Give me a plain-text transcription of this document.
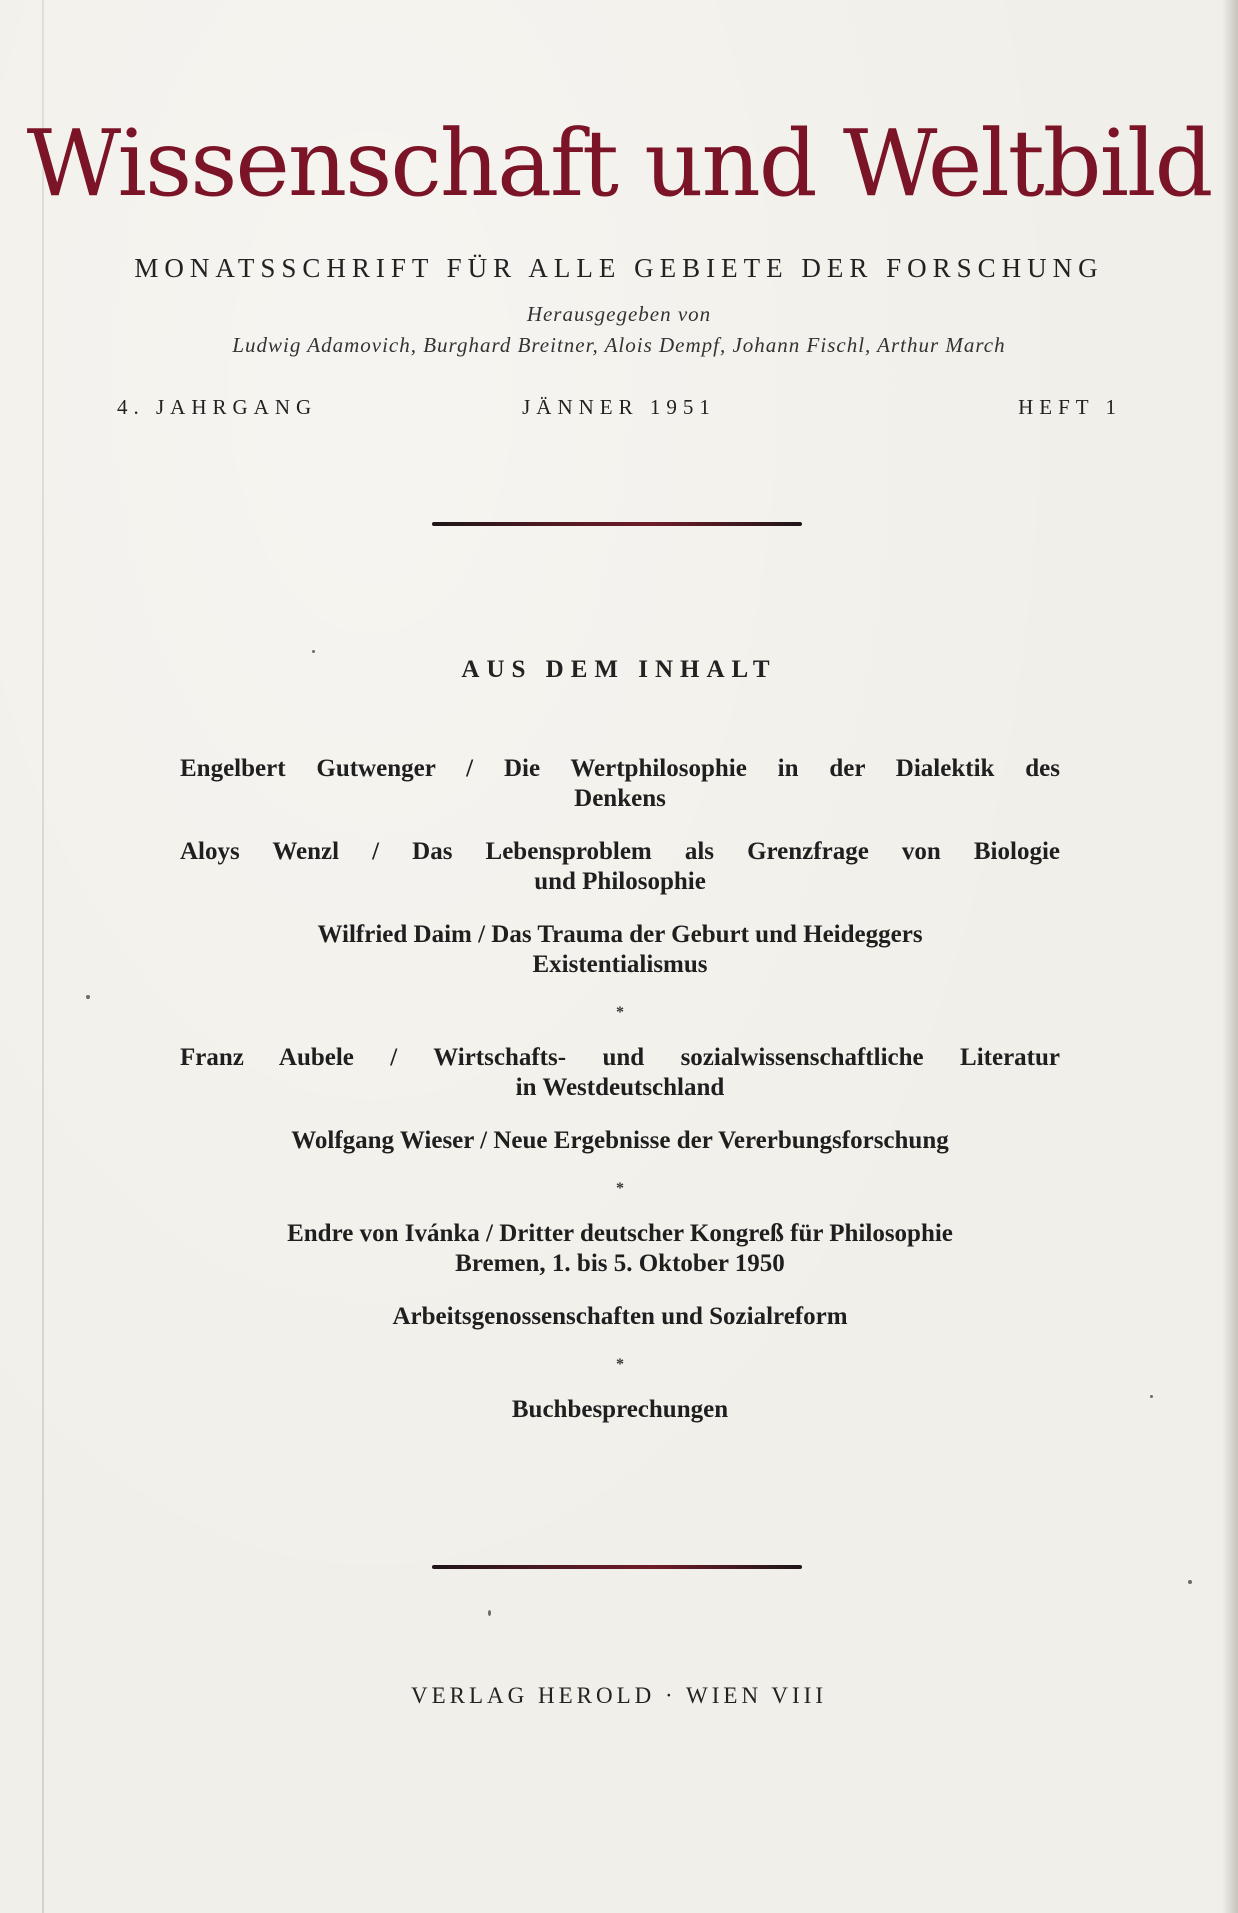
Wissenschaft und Weltbild
MONATSSCHRIFT FÜR ALLE GEBIETE DER FORSCHUNG
Herausgegeben von
Ludwig Adamovich, Burghard Breitner, Alois Dempf, Johann Fischl, Arthur March
4. JAHRGANG	JÄNNER 1951	HEFT 1
AUS DEM INHALT
Engelbert Gutwenger / Die Wertphilosophie in der Dialektik des
Denkens
Aloys Wenzl / Das Lebensproblem als Grenzfrage von Biologie
und Philosophie
Wilfried Daim / Das Trauma der Geburt und Heideggers
Existentialismus
*
Franz Aubele / Wirtschafts- und sozialwissenschaftliche Literatur
in Westdeutschland
Wolfgang Wieser / Neue Ergebnisse der Vererbungsforschung
*
Endre von Ivánka / Dritter deutscher Kongreß für Philosophie
Bremen, 1. bis 5. Oktober 1950
Arbeitsgenossenschaften und Sozialreform
*
Buchbesprechungen
VERLAG HEROLD · WIEN VIII
